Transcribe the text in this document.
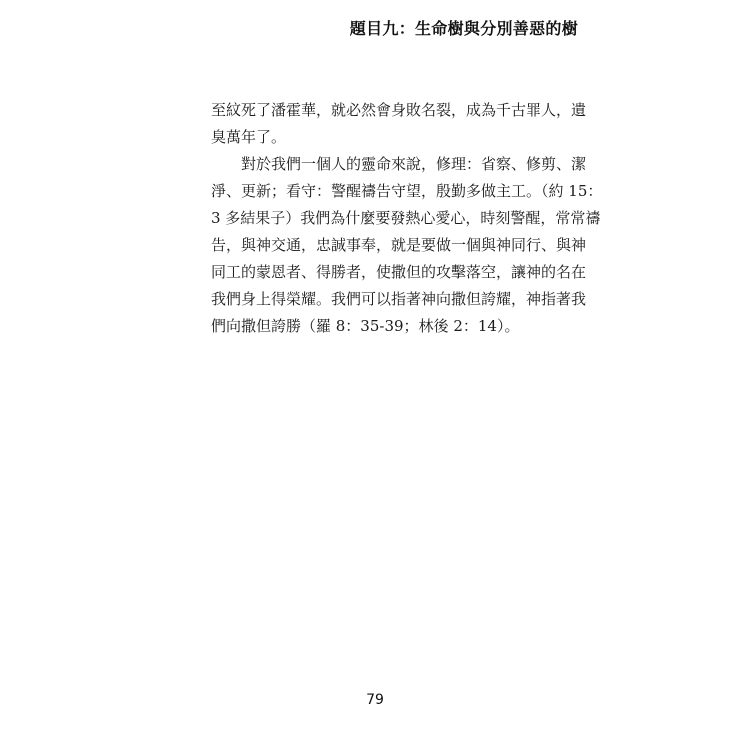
題目九：生命樹與分別善惡的樹

至紋死了潘霍華，就必然會身敗名裂，成為千古罪人，遺
臭萬年了。

對於我們一個人的靈命來說，修理：省察、修剪、潔
淨、更新；看守：警醒禱告守望，殷勤多做主工。（約 15：
3 多結果子）我們為什麼要發熱心愛心，時刻警醒，常常禱
告，與神交通，忠誠事奉，就是要做一個與神同行、與神
同工的蒙恩者、得勝者，使撒但的攻擊落空，讓神的名在
我們身上得榮耀。我們可以指著神向撒但誇耀，神指著我
們向撒但誇勝（羅 8：35-39；林後 2：14）。

79
